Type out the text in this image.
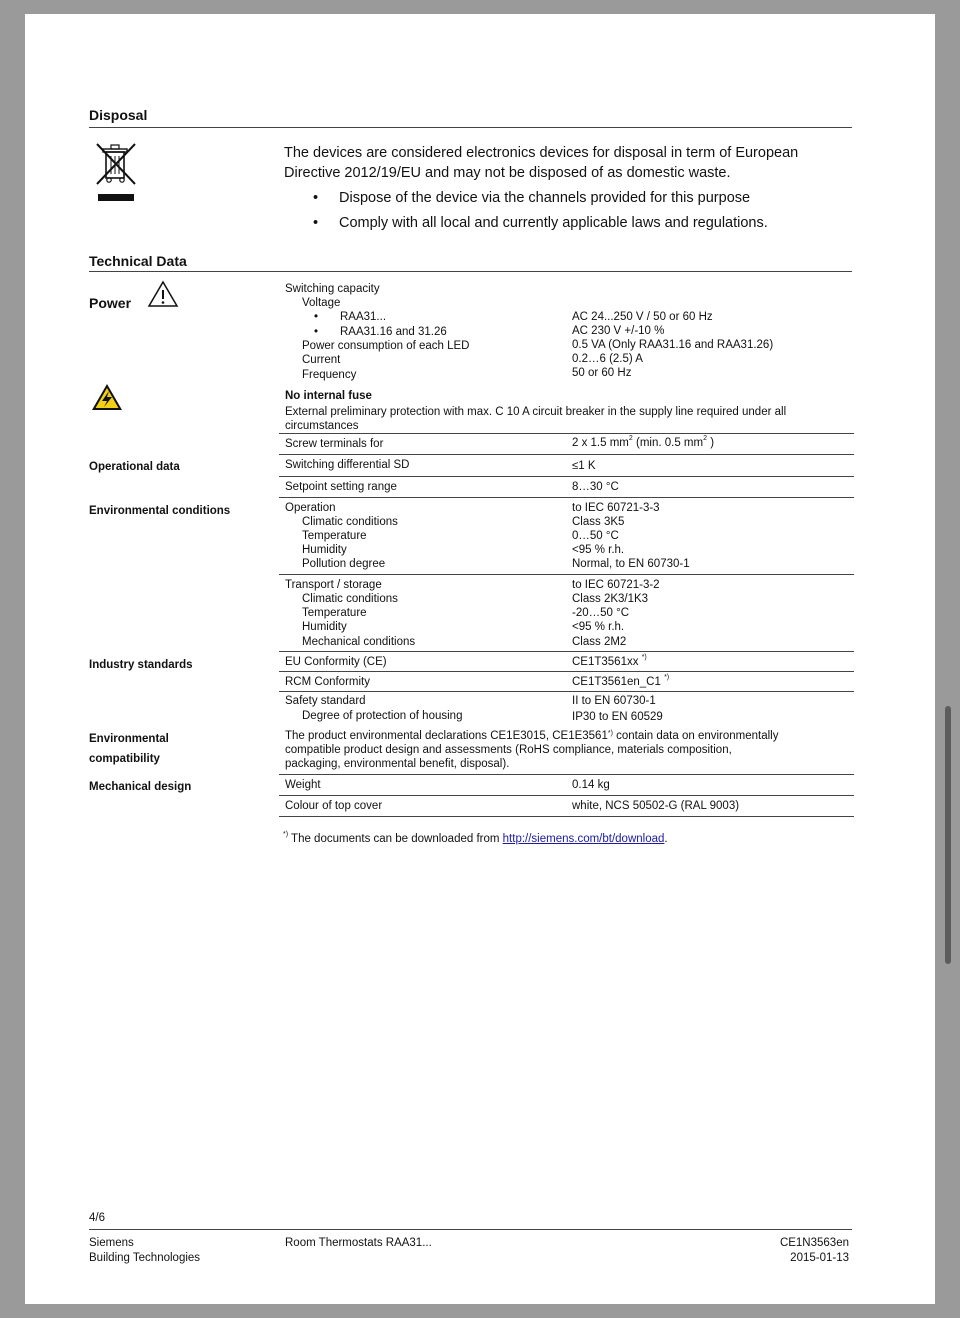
Disposal
The devices are considered electronics devices for disposal in term of European Directive 2012/19/EU and may not be disposed of as domestic waste.
• Dispose of the device via the channels provided for this purpose
• Comply with all local and currently applicable laws and regulations.
Technical Data
Power
Switching capacity
Voltage
• RAA31...	AC 24...250 V / 50 or 60 Hz
• RAA31.16 and 31.26	AC 230 V +/-10 %
Power consumption of each LED	0.5 VA (Only RAA31.16 and RAA31.26)
Current	0.2…6 (2.5) A
Frequency	50 or 60 Hz
No internal fuse
External preliminary protection with max. C 10 A circuit breaker in the supply line required under all circumstances
Screw terminals for	2 x 1.5 $mm^2$ (min. 0.5 $mm^2$ )
Operational data	Switching differential SD	≤1 K
Setpoint setting range	8…30 °C
Environmental conditions	Operation	to IEC 60721-3-3
Climatic conditions	Class 3K5
Temperature	0…50 °C
Humidity	<95 % r.h.
Pollution degree	Normal, to EN 60730-1
Transport / storage	to IEC 60721-3-2
Climatic conditions	Class 2K3/1K3
Temperature	-20…50 °C
Humidity	<95 % r.h.
Mechanical conditions	Class 2M2
Industry standards	EU Conformity (CE)	CE1T3561xx *)
RCM Conformity	CE1T3561en_C1 *)
Safety standard	II to EN 60730-1
Degree of protection of housing	IP30 to EN 60529
Environmental
compatibility
The product environmental declarations CE1E3015, CE1E3561*) contain data on environmentally compatible product design and assessments (RoHS compliance, materials composition, packaging, environmental benefit, disposal).
Mechanical design	Weight	0.14 kg
Colour of top cover	white, NCS 50502-G (RAL 9003)
*) The documents can be downloaded from http://siemens.com/bt/download.
4/6
Siemens
Building Technologies
Room Thermostats RAA31...	CE1N3563en
2015-01-13
